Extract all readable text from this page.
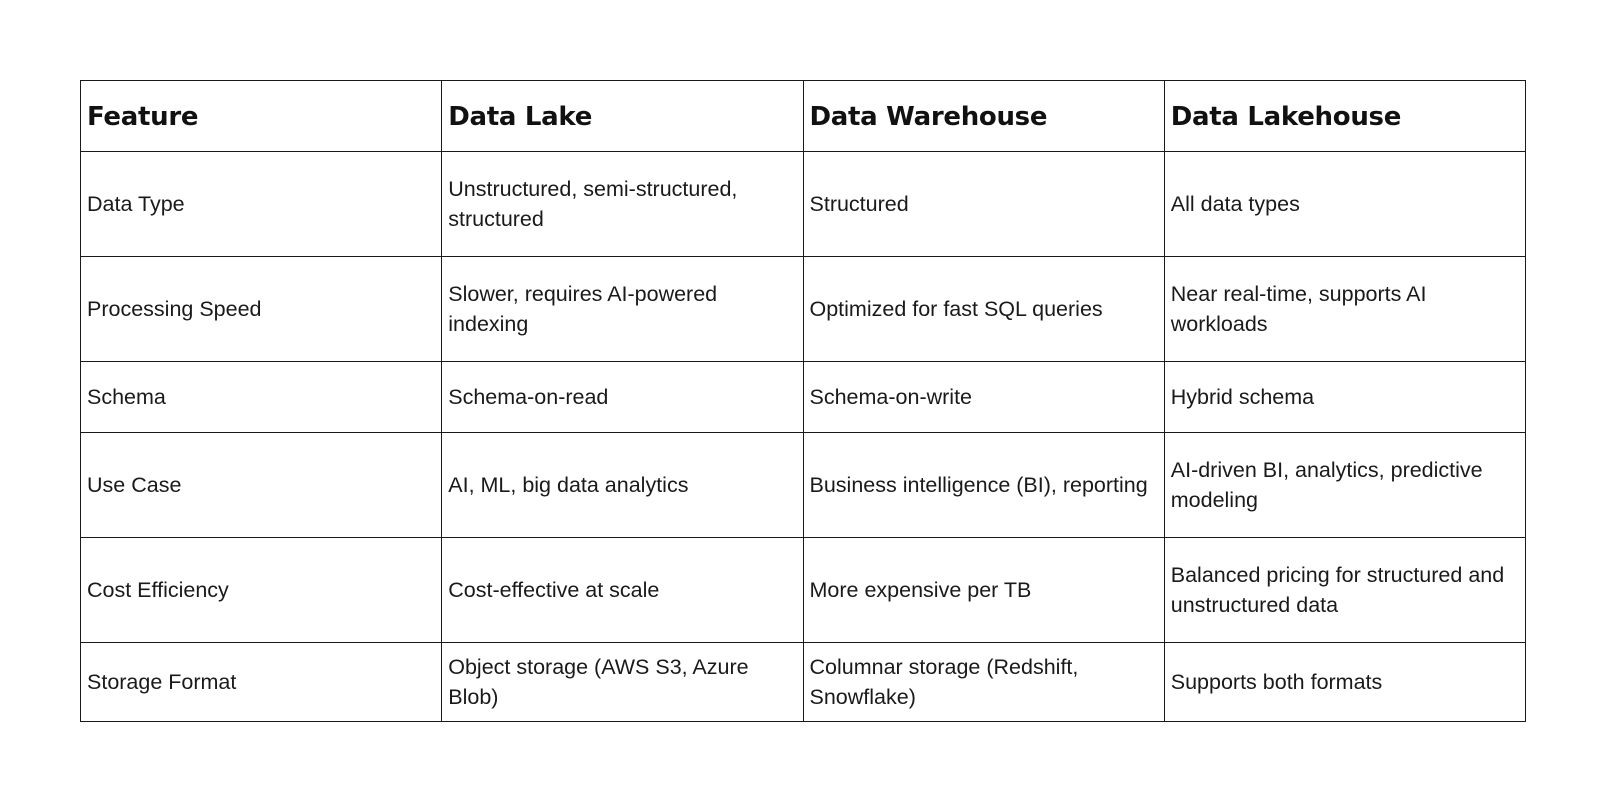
Feature	Data Lake	Data Warehouse	Data Lakehouse
Data Type	Unstructured, semi-structured, structured	Structured	All data types
Processing Speed	Slower, requires AI-powered indexing	Optimized for fast SQL queries	Near real-time, supports AI workloads
Schema	Schema-on-read	Schema-on-write	Hybrid schema
Use Case	AI, ML, big data analytics	Business intelligence (BI), reporting	AI-driven BI, analytics, predictive modeling
Cost Efficiency	Cost-effective at scale	More expensive per TB	Balanced pricing for structured and unstructured data
Storage Format	Object storage (AWS S3, Azure Blob)	Columnar storage (Redshift, Snowflake)	Supports both formats
